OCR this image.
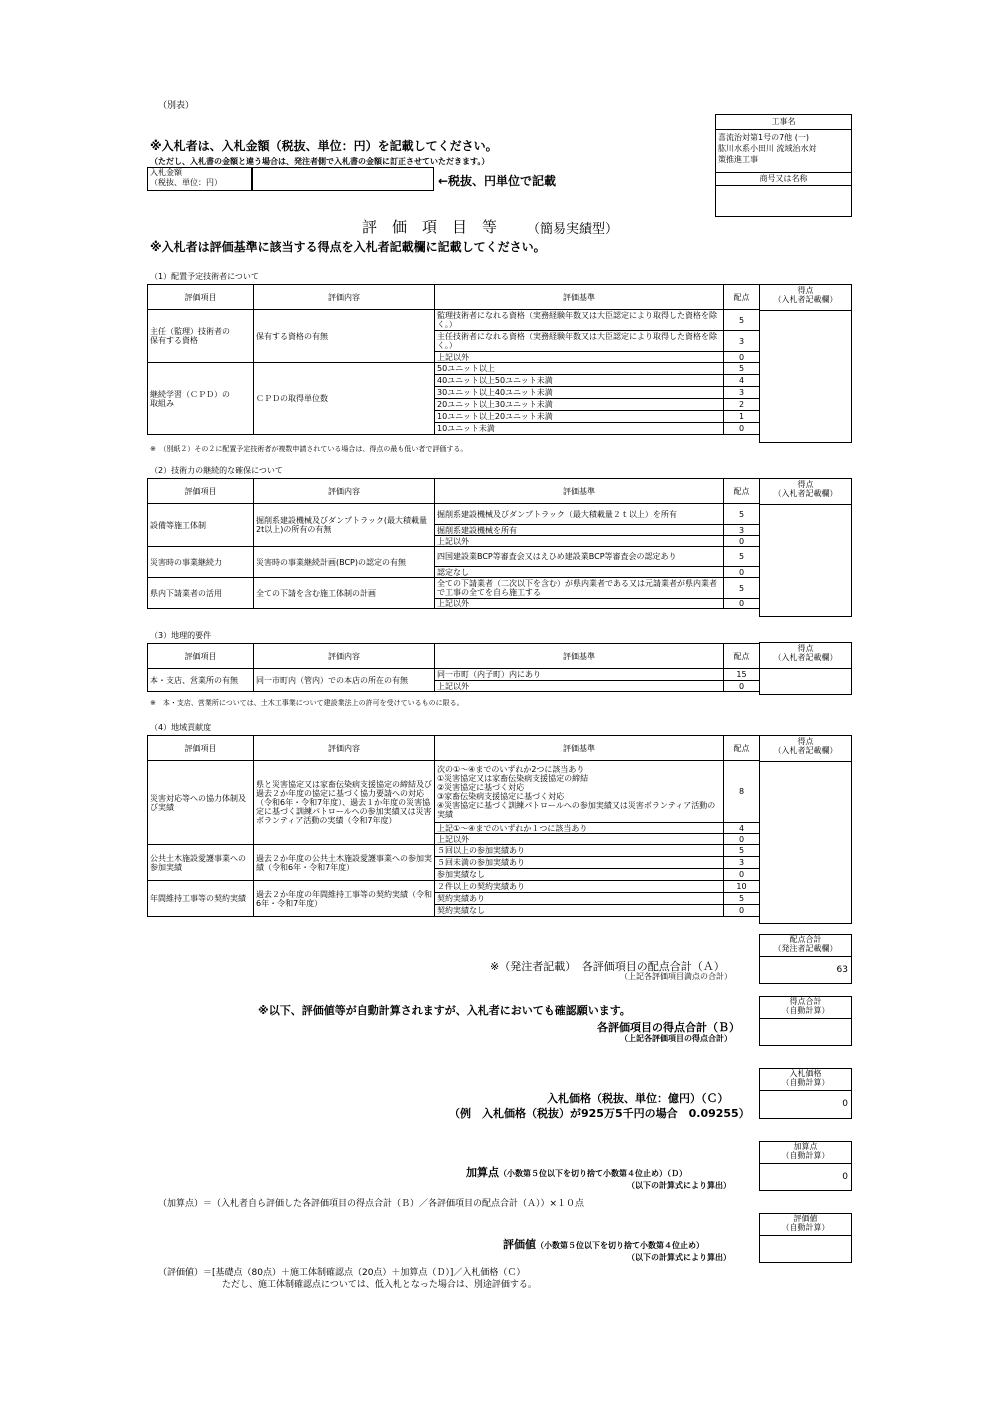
（別表）
※入札者は、入札金額（税抜、単位：円）を記載してください。
（ただし、入札書の金額と違う場合は、発注者側で入札書の金額に訂正させていただきます。）
入札金額
（税抜、単位：円）	←税抜、円単位で記載
工事名
喜流治対第1号の7他 (一)
肱川水系小田川 流域治水対
策推進工事
商号又は名称
評　価　項　目　等 （簡易実績型）
※入札者は評価基準に該当する得点を入札者記載欄に記載してください。
（1）配置予定技術者について
評価項目	評価内容	評価基準	配点
主任（監理）技術者の
保有する資格	保有する資格の有無	監理技術者になれる資格（実務経験年数又は大臣認定により取得した資格を除く。）	5
		主任技術者になれる資格（実務経験年数又は大臣認定により取得した資格を除く。）	3
		上記以外	0
継続学習（ＣＰＤ）の
取組み	ＣＰＤの取得単位数	50ユニット以上	5
		40ユニット以上50ユニット未満	4
		30ユニット以上40ユニット未満	3
		20ユニット以上30ユニット未満	2
		10ユニット以上20ユニット未満	1
		10ユニット未満	0
得点
（入札者記載欄）
※　（別紙２）その２に配置予定技術者が複数申請されている場合は、得点の最も低い者で評価する。
（2）技術力の継続的な確保について
評価項目	評価内容	評価基準	配点
設備等施工体制	掘削系建設機械及びダンプトラック(最大積載量2t以上)の所有の有無	掘削系建設機械及びダンプトラック（最大積載量２ｔ以上）を所有	5
		掘削系建設機械を所有	3
		上記以外	0
災害時の事業継続力	災害時の事業継続計画(BCP)の認定の有無	四国建設業BCP等審査会又はえひめ建設業BCP等審査会の認定あり	5
		認定なし	0
県内下請業者の活用	全ての下請を含む施工体制の計画	全ての下請業者（二次以下を含む）が県内業者である又は元請業者が県内業者で工事の全てを自ら施工する	5
		上記以外	0
得点
（入札者記載欄）
（3）地理的要件
評価項目	評価内容	評価基準	配点
本・支店、営業所の有無	同一市町内（管内）での本店の所在の有無	同一市町（内子町）内にあり	15
		上記以外	0
得点
（入札者記載欄）
※　本・支店、営業所については、土木工事業について建設業法上の許可を受けているものに限る。
（4）地域貢献度
評価項目	評価内容	評価基準	配点
災害対応等への協力体制及び実績	県と災害協定又は家畜伝染病支援協定の締結及び過去２か年度の協定に基づく協力要請への対応（令和6年・令和7年度）、過去１か年度の災害協定に基づく訓練パトロールへの参加実績又は災害ボランティア活動の実績（令和7年度）	次の①～④までのいずれか2つに該当あり
①災害協定又は家畜伝染病支援協定の締結
②災害協定に基づく対応
③家畜伝染病支援協定に基づく対応
④災害協定に基づく訓練パトロールへの参加実績又は災害ボランティア活動の実績	8
		上記①～④までのいずれか１つに該当あり	4
		上記以外	0
公共土木施設愛護事業への参加実績	過去２か年度の公共土木施設愛護事業への参加実績（令和6年・令和7年度）	５回以上の参加実績あり	5
		５回未満の参加実績あり	3
		参加実績なし	0
年間維持工事等の契約実績	過去２か年度の年間維持工事等の契約実績（令和6年・令和7年度）	２件以上の契約実績あり	10
		契約実績あり	5
		契約実績なし	0
得点
（入札者記載欄）
配点合計
（発注者記載欄）
63
※（発注者記載）　各評価項目の配点合計（Ａ）
（上記各評価項目満点の合計）
※以下、評価値等が自動計算されますが、入札者においても確認願います。
得点合計
（自動計算）
各評価項目の得点合計（Ｂ）
（上記各評価項目の得点合計）
入札価格
（自動計算）
0
入札価格（税抜、単位：億円）（Ｃ）
（例　入札価格（税抜）が925万5千円の場合　0.09255）
加算点
（自動計算）
0
加算点（小数第５位以下を切り捨て小数第４位止め）（Ｄ）
（以下の計算式により算出）
（加算点）＝（入札者自ら評価した各評価項目の得点合計（Ｂ）／各評価項目の配点合計（Ａ））×１０点
評価値
（自動計算）
評価値（小数第５位以下を切り捨て小数第４位止め）
（以下の計算式により算出）
（評価値）＝[基礎点（80点）＋施工体制確認点（20点）＋加算点（Ｄ）]／入札価格（Ｃ）
ただし、施工体制確認点については、低入札となった場合は、別途評価する。
